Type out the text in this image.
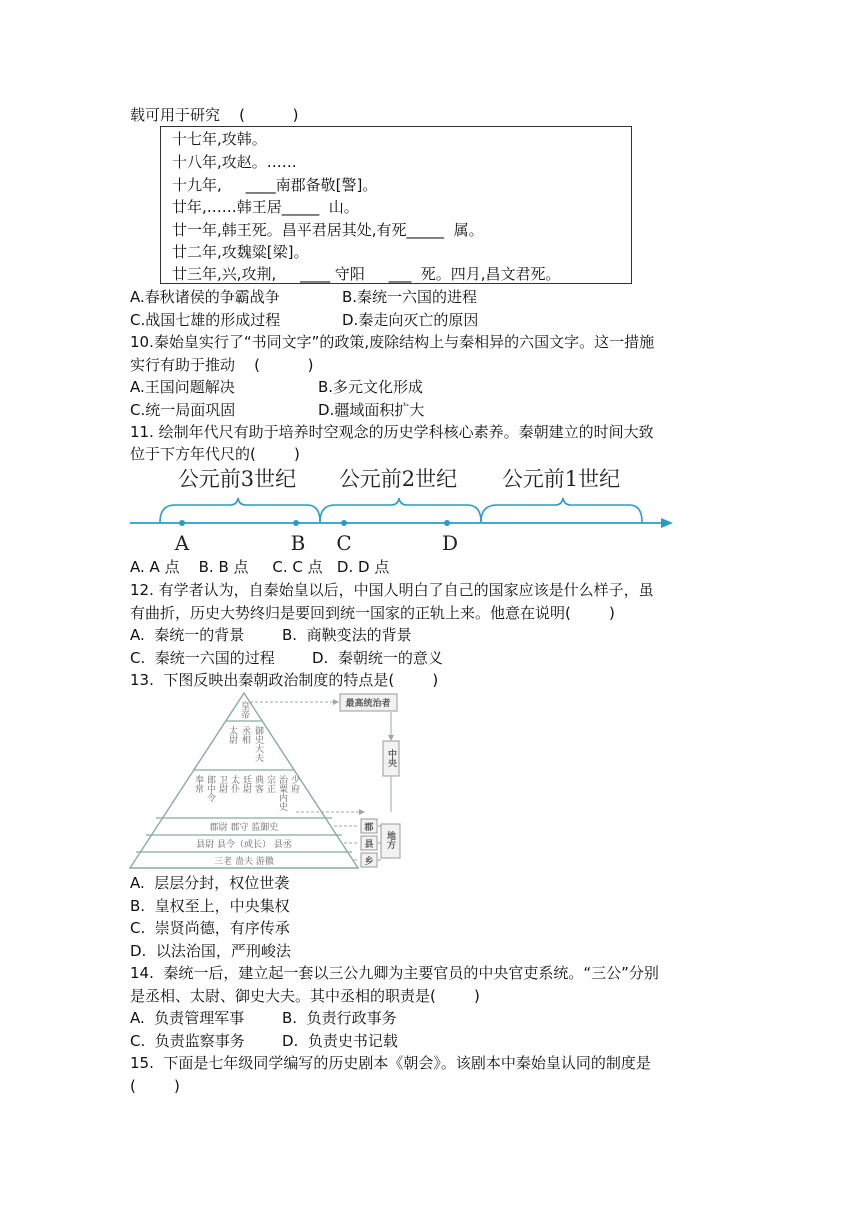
载可用于研究    (          )
十七年,攻韩。
十八年,攻赵。……
十九年,     ____南郡备敬[警]。
廿年,……韩王居_____  山。
廿一年,韩王死。昌平君居其处,有死_____  属。
廿二年,攻魏粱[梁]。
廿三年,兴,攻荆,     ____ 守阳     ___  死。四月,昌文君死。
A.春秋诸侯的争霸战争	B.秦统一六国的进程
C.战国七雄的形成过程	D.秦走向灭亡的原因
10.秦始皇实行了“书同文字”的政策,废除结构上与秦相异的六国文字。这一措施
实行有助于推动    (          )
A.王国问题解决	B.多元文化形成
C.统一局面巩固	D.疆域面积扩大
11. 绘制年代尺有助于培养时空观念的历史学科核心素养。秦朝建立的时间大致
位于下方年代尺的(        )
公元前3世纪 公元前2世纪 公元前1世纪
A	B C	D
A. A 点    B. B 点     C. C 点   D. D 点
12. 有学者认为，自秦始皇以后，中国人明白了自己的国家应该是什么样子，虽
有曲折，历史大势终归是要回到统一国家的正轨上来。他意在说明(        )
A.  秦统一的背景	B.  商鞅变法的背景
C.  秦统一六国的过程 D.  秦朝统一的意义
13.  下图反映出秦朝政治制度的特点是(        )
皇帝
太尉 丞相 御史大夫
奉常 郎中令 卫尉 太仆 廷尉 典客 宗正 治粟内史 少府
郡尉 郡守 监御史
县尉 县令（或长） 县丞
三老 啬夫 游徼
最高统治者
中央
郡
县
乡
地方
A.  层层分封，权位世袭
B.  皇权至上，中央集权
C.  崇贤尚德，有序传承
D.  以法治国，严刑峻法
14.  秦统一后，建立起一套以三公九卿为主要官员的中央官吏系统。“三公”分别
是丞相、太尉、御史大夫。其中丞相的职责是(        )
A.  负责管理军事	B.  负责行政事务
C.  负责监察事务 D.  负责史书记载
15.  下面是七年级同学编写的历史剧本《朝会》。该剧本中秦始皇认同的制度是
(        )
